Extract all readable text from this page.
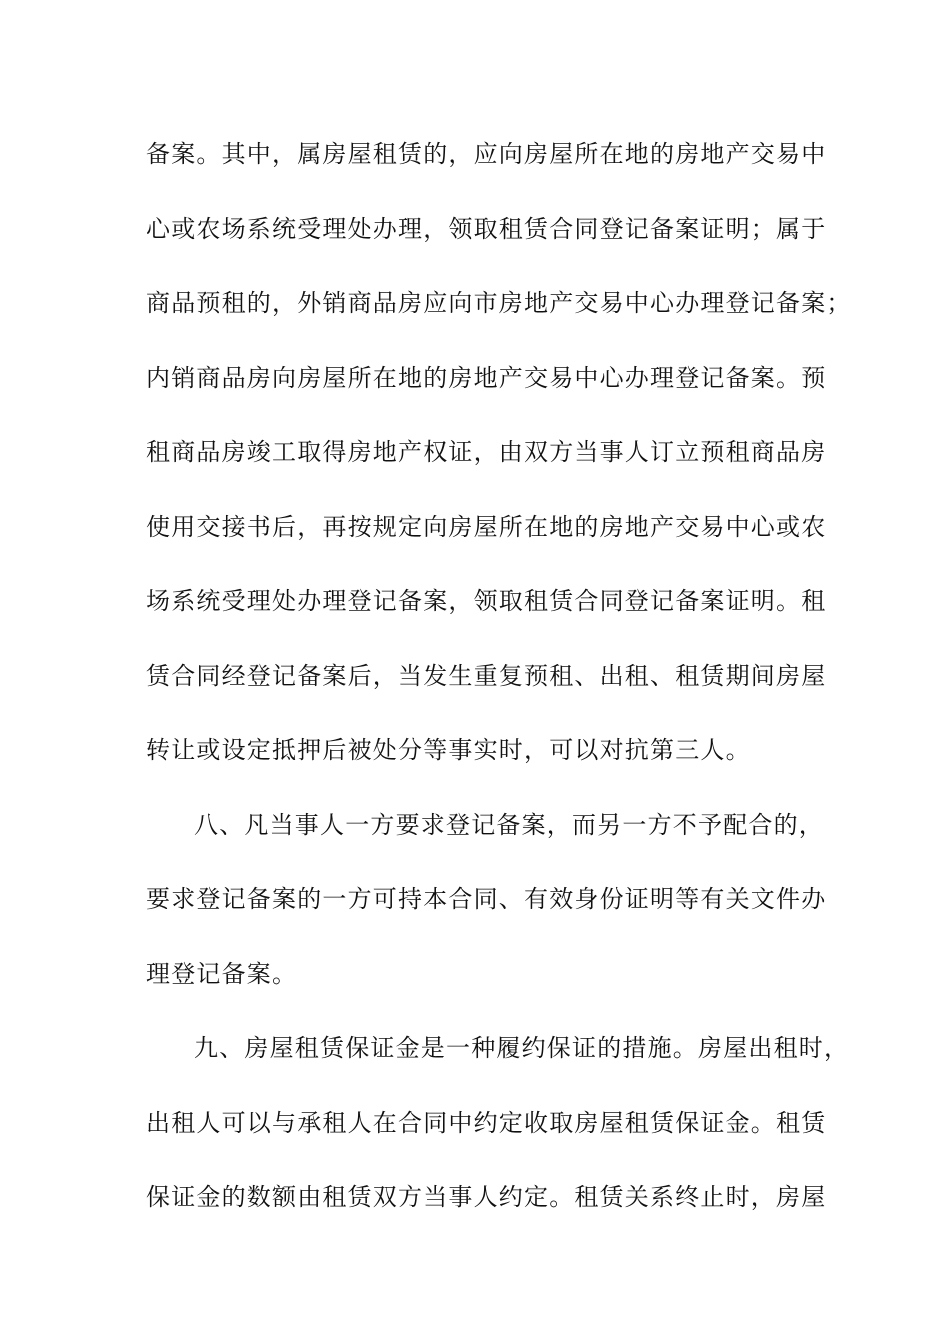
备案。其中，属房屋租赁的，应向房屋所在地的房地产交易中
心或农场系统受理处办理，领取租赁合同登记备案证明；属于
商品预租的，外销商品房应向市房地产交易中心办理登记备案；
内销商品房向房屋所在地的房地产交易中心办理登记备案。预
租商品房竣工取得房地产权证，由双方当事人订立预租商品房
使用交接书后，再按规定向房屋所在地的房地产交易中心或农
场系统受理处办理登记备案，领取租赁合同登记备案证明。租
赁合同经登记备案后，当发生重复预租、出租、租赁期间房屋
转让或设定抵押后被处分等事实时，可以对抗第三人。
八、凡当事人一方要求登记备案，而另一方不予配合的，
要求登记备案的一方可持本合同、有效身份证明等有关文件办
理登记备案。
九、房屋租赁保证金是一种履约保证的措施。房屋出租时，
出租人可以与承租人在合同中约定收取房屋租赁保证金。租赁
保证金的数额由租赁双方当事人约定。租赁关系终止时，房屋
